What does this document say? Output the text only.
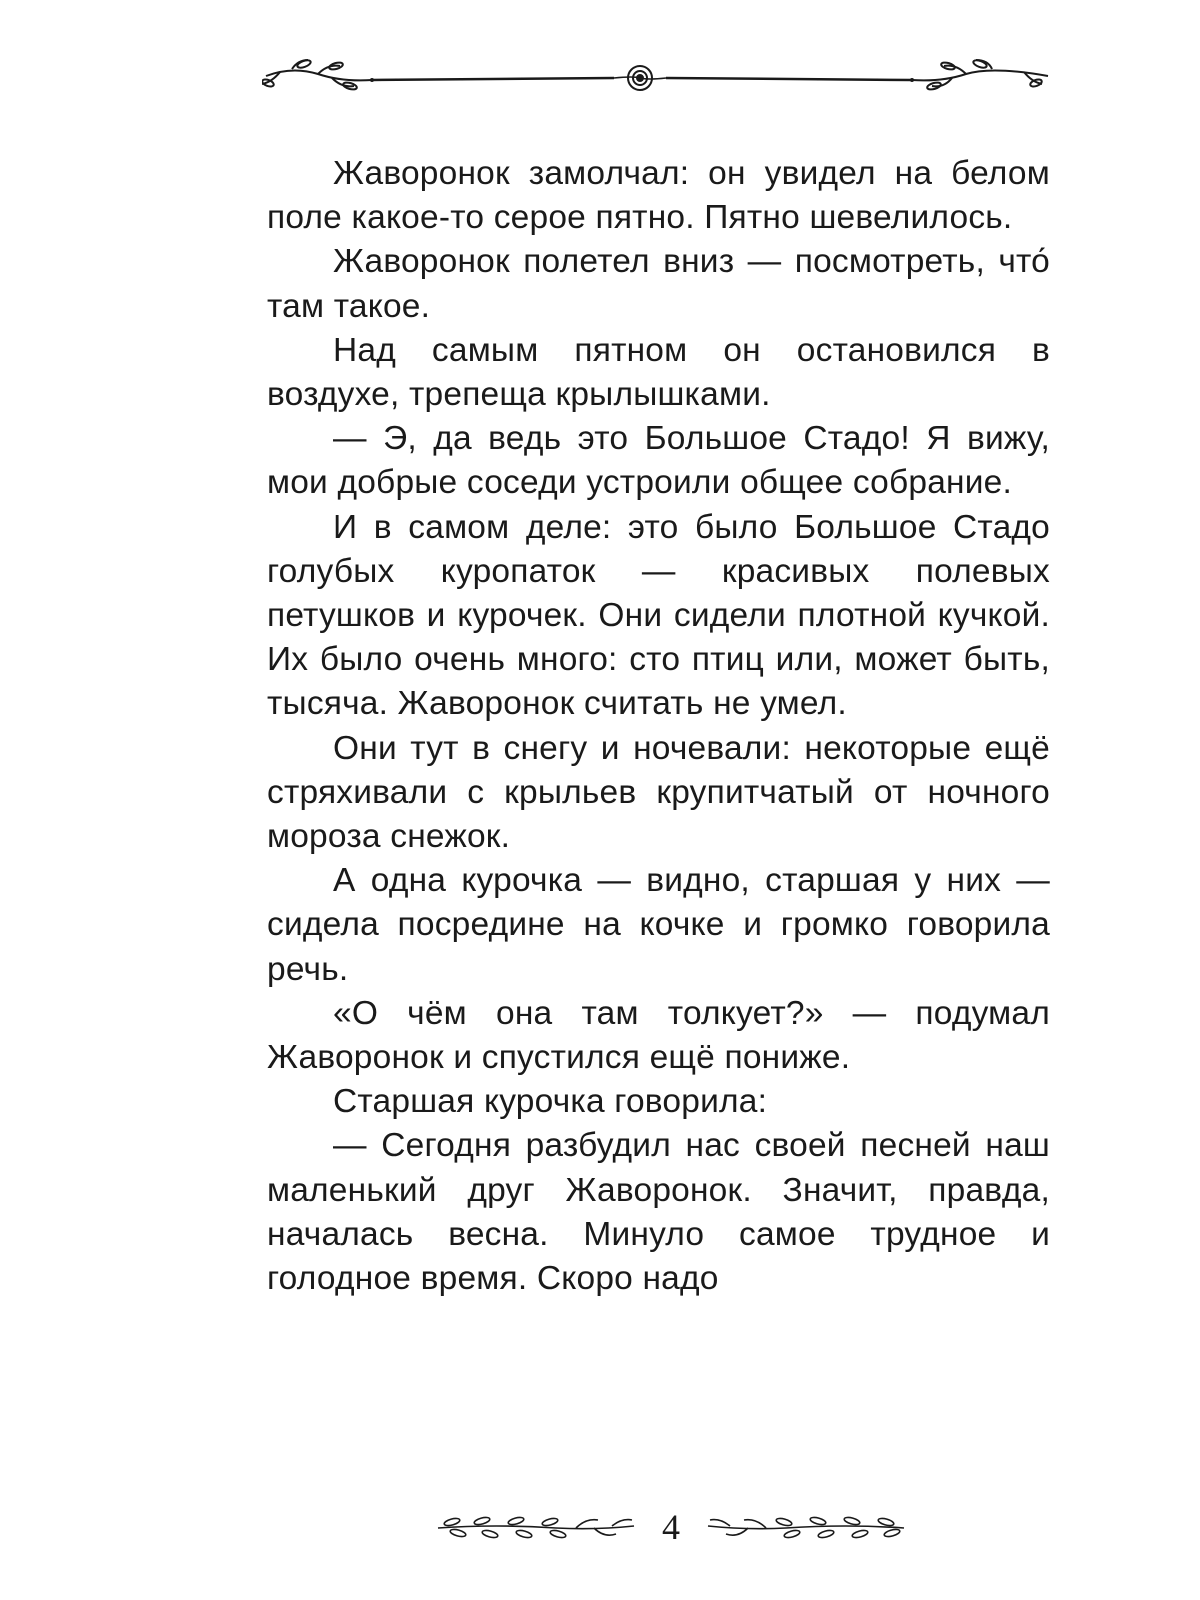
Жаворонок замолчал: он увидел на белом поле какое-то серое пятно. Пятно шевелилось.

Жаворонок полетел вниз — посмотреть, что́ там такое.

Над самым пятном он остановился в воздухе, трепеща крылышками.

— Э, да ведь это Большое Стадо! Я вижу, мои добрые соседи устроили общее собрание.

И в самом деле: это было Большое Стадо голубых куропаток — красивых полевых петушков и курочек. Они сидели плотной кучкой. Их было очень много: сто птиц или, может быть, тысяча. Жаворонок считать не умел.

Они тут в снегу и ночевали: некоторые ещё стряхивали с крыльев крупитчатый от ночного мороза снежок.

А одна курочка — видно, старшая у них — сидела посредине на кочке и громко говорила речь.

«О чём она там толкует?» — подумал Жаворонок и спустился ещё пониже.

Старшая курочка говорила:

— Сегодня разбудил нас своей песней наш маленький друг Жаворонок. Значит, правда, началась весна. Минуло самое трудное и голодное время. Скоро надо

4
